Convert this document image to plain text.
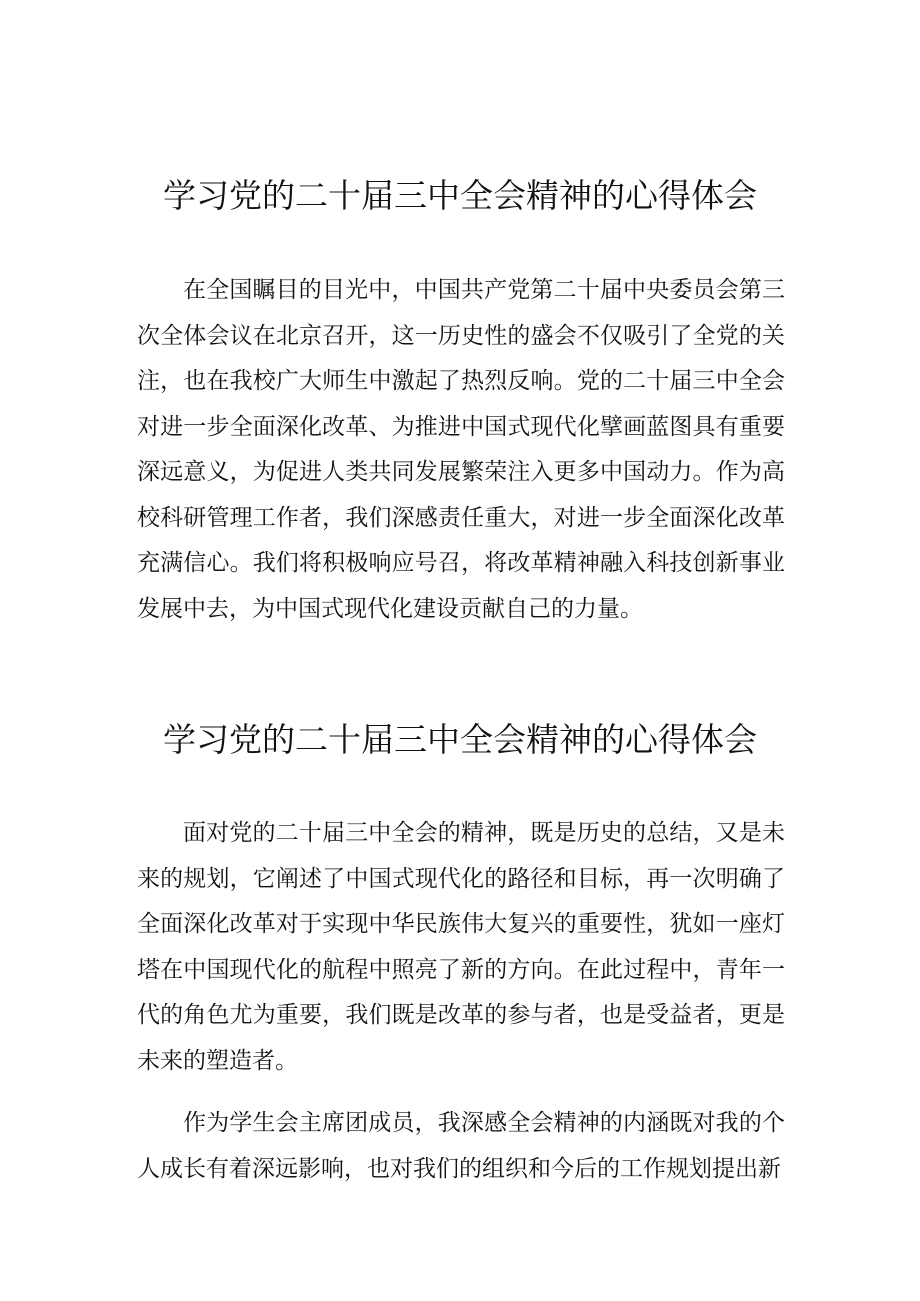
学习党的二十届三中全会精神的心得体会

在全国瞩目的目光中，中国共产党第二十届中央委员会第三次全体会议在北京召开，这一历史性的盛会不仅吸引了全党的关注，也在我校广大师生中激起了热烈反响。党的二十届三中全会对进一步全面深化改革、为推进中国式现代化擘画蓝图具有重要深远意义，为促进人类共同发展繁荣注入更多中国动力。作为高校科研管理工作者，我们深感责任重大，对进一步全面深化改革充满信心。我们将积极响应号召，将改革精神融入科技创新事业发展中去，为中国式现代化建设贡献自己的力量。

学习党的二十届三中全会精神的心得体会

面对党的二十届三中全会的精神，既是历史的总结，又是未来的规划，它阐述了中国式现代化的路径和目标，再一次明确了全面深化改革对于实现中华民族伟大复兴的重要性，犹如一座灯塔在中国现代化的航程中照亮了新的方向。在此过程中，青年一代的角色尤为重要，我们既是改革的参与者，也是受益者，更是未来的塑造者。

作为学生会主席团成员，我深感全会精神的内涵既对我的个人成长有着深远影响，也对我们的组织和今后的工作规划提出新
